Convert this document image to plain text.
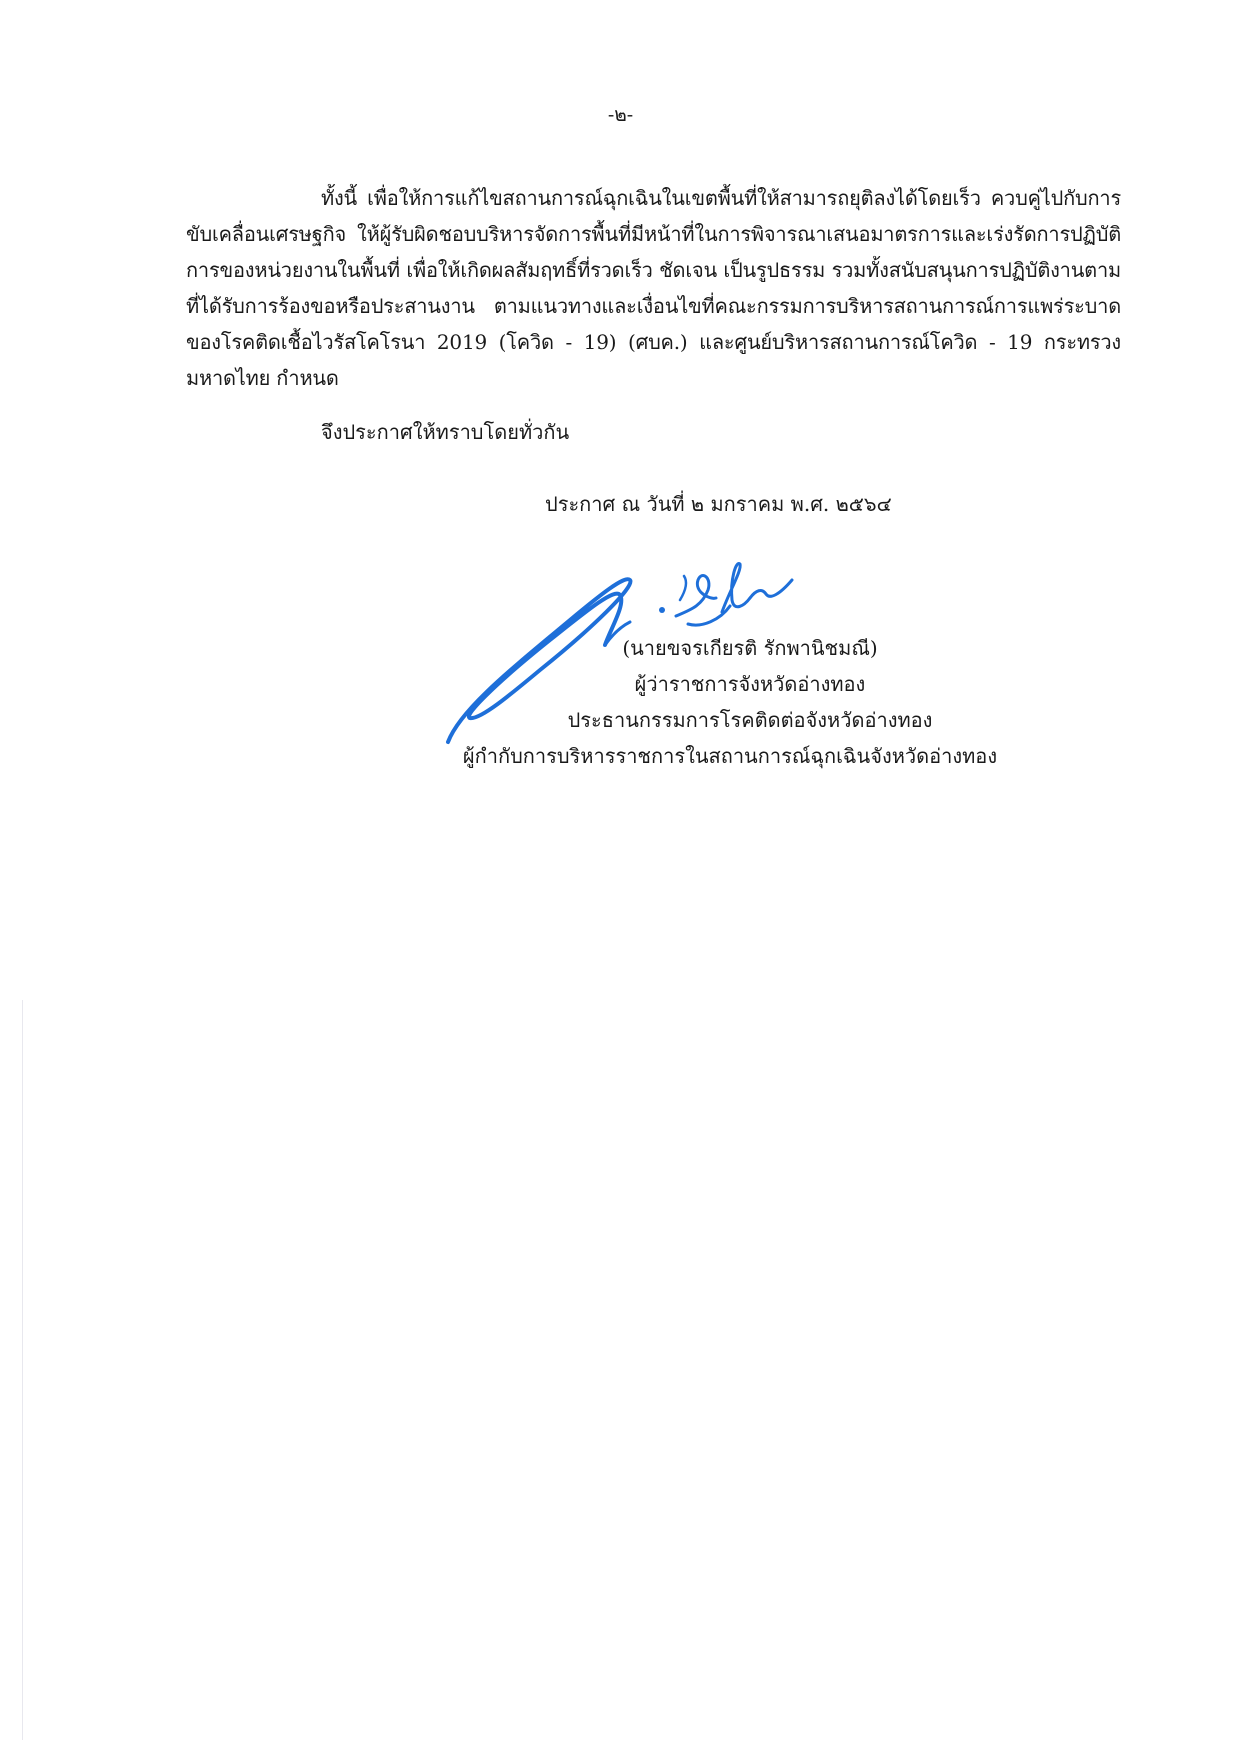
-๒-

ทั้งนี้ เพื่อให้การแก้ไขสถานการณ์ฉุกเฉินในเขตพื้นที่ให้สามารถยุติลงได้โดยเร็ว ควบคู่ไปกับการขับเคลื่อนเศรษฐกิจ ให้ผู้รับผิดชอบบริหารจัดการพื้นที่มีหน้าที่ในการพิจารณาเสนอมาตรการและเร่งรัดการปฏิบัติการของหน่วยงานในพื้นที่ เพื่อให้เกิดผลสัมฤทธิ์ที่รวดเร็ว ชัดเจน เป็นรูปธรรม รวมทั้งสนับสนุนการปฏิบัติงานตามที่ได้รับการร้องขอหรือประสานงาน ตามแนวทางและเงื่อนไขที่คณะกรรมการบริหารสถานการณ์การแพร่ระบาดของโรคติดเชื้อไวรัสโคโรนา 2019 (โควิด - 19) (ศบค.) และศูนย์บริหารสถานการณ์โควิด - 19 กระทรวงมหาดไทย กำหนด

จึงประกาศให้ทราบโดยทั่วกัน

ประกาศ ณ วันที่ ๒ มกราคม พ.ศ. ๒๕๖๔
(นายขจรเกียรติ รักพานิชมณี)
ผู้ว่าราชการจังหวัดอ่างทอง
ประธานกรรมการโรคติดต่อจังหวัดอ่างทอง
ผู้กำกับการบริหารราชการในสถานการณ์ฉุกเฉินจังหวัดอ่างทอง
